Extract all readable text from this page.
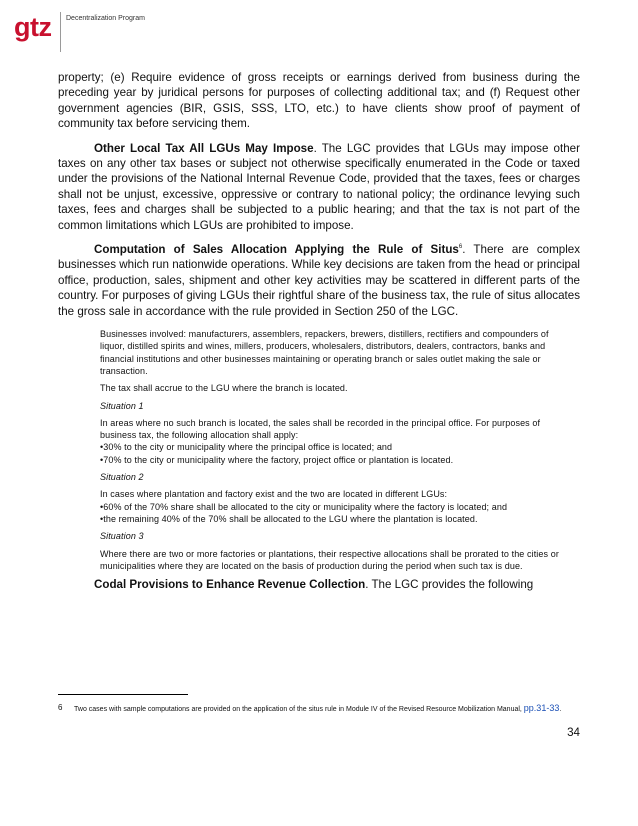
gtz Decentralization Program

property; (e) Require evidence of gross receipts or earnings derived from business during the preceding year by juridical persons for purposes of collecting additional tax; and (f) Request other government agencies (BIR, GSIS, SSS, LTO, etc.) to have clients show proof of payment of community tax before servicing them.

Other Local Tax All LGUs May Impose. The LGC provides that LGUs may impose other taxes on any other tax bases or subject not otherwise specifically enumerated in the Code or taxed under the provisions of the National Internal Revenue Code, provided that the taxes, fees or charges shall not be unjust, excessive, oppressive or contrary to national policy; the ordinance levying such taxes, fees and charges shall be subjected to a public hearing; and that the tax is not part of the common limitations which LGUs are prohibited to impose.

Computation of Sales Allocation Applying the Rule of Situs$^6$. There are complex businesses which run nationwide operations. While key decisions are taken from the head or principal office, production, sales, shipment and other key activities may be scattered in different parts of the country. For purposes of giving LGUs their rightful share of the business tax, the rule of situs allocates the gross sale in accordance with the rule provided in Section 250 of the LGC.

Businesses involved: manufacturers, assemblers, repackers, brewers, distillers, rectifiers and compounders of liquor, distilled spirits and wines, millers, producers, wholesalers, distributors, dealers, contractors, banks and financial institutions and other businesses maintaining or operating branch or sales outlet making the sale or transaction.

The tax shall accrue to the LGU where the branch is located.

Situation 1

In areas where no such branch is located, the sales shall be recorded in the principal office. For purposes of business tax, the following allocation shall apply:
•30% to the city or municipality where the principal office is located; and
•70% to the city or municipality where the factory, project office or plantation is located.

Situation 2

In cases where plantation and factory exist and the two are located in different LGUs:
•60% of the 70% share shall be allocated to the city or municipality where the factory is located; and
•the remaining 40% of the 70% shall be allocated to the LGU where the plantation is located.

Situation 3

Where there are two or more factories or plantations, their respective allocations shall be prorated to the cities or municipalities where they are located on the basis of production during the period when such tax is due.

Codal Provisions to Enhance Revenue Collection. The LGC provides the following

6 Two cases with sample computations are provided on the application of the situs rule in Module IV of the Revised Resource Mobilization Manual, pp.31-33.
34
